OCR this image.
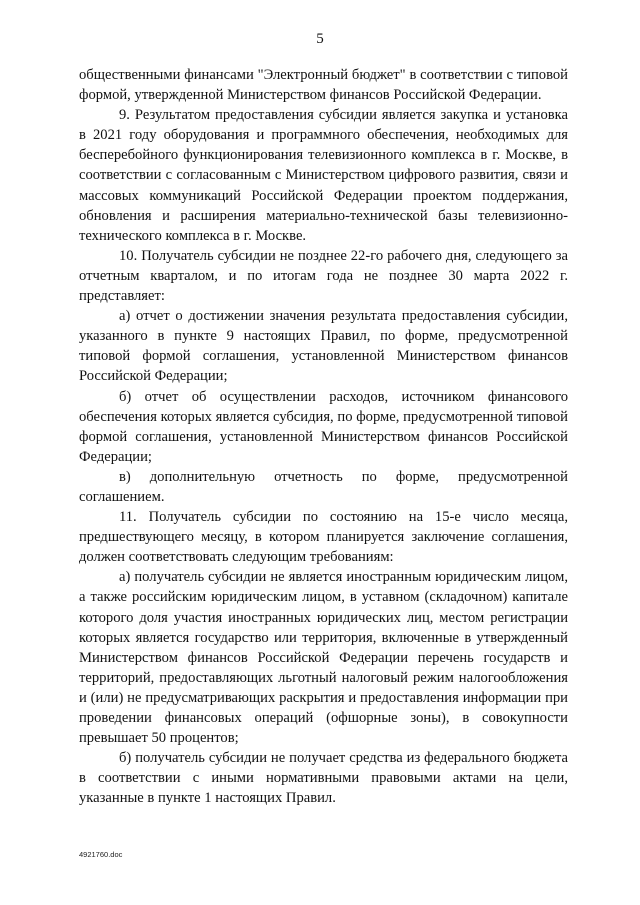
5

общественными финансами "Электронный бюджет" в соответствии с типовой формой, утвержденной Министерством финансов Российской Федерации.

9. Результатом предоставления субсидии является закупка и установка в 2021 году оборудования и программного обеспечения, необходимых для бесперебойного функционирования телевизионного комплекса в г. Москве, в соответствии с согласованным с Министерством цифрового развития, связи и массовых коммуникаций Российской Федерации проектом поддержания, обновления и расширения материально-технической базы телевизионно-технического комплекса в г. Москве.

10. Получатель субсидии не позднее 22-го рабочего дня, следующего за отчетным кварталом, и по итогам года не позднее 30 марта 2022 г. представляет:

а) отчет о достижении значения результата предоставления субсидии, указанного в пункте 9 настоящих Правил, по форме, предусмотренной типовой формой соглашения, установленной Министерством финансов Российской Федерации;

б) отчет об осуществлении расходов, источником финансового обеспечения которых является субсидия, по форме, предусмотренной типовой формой соглашения, установленной Министерством финансов Российской Федерации;

в) дополнительную отчетность по форме, предусмотренной соглашением.

11. Получатель субсидии по состоянию на 15-е число месяца, предшествующего месяцу, в котором планируется заключение соглашения, должен соответствовать следующим требованиям:

а) получатель субсидии не является иностранным юридическим лицом, а также российским юридическим лицом, в уставном (складочном) капитале которого доля участия иностранных юридических лиц, местом регистрации которых является государство или территория, включенные в утвержденный Министерством финансов Российской Федерации перечень государств и территорий, предоставляющих льготный налоговый режим налогообложения и (или) не предусматривающих раскрытия и предоставления информации при проведении финансовых операций (офшорные зоны), в совокупности превышает 50 процентов;

б) получатель субсидии не получает средства из федерального бюджета в соответствии с иными нормативными правовыми актами на цели, указанные в пункте 1 настоящих Правил.

4921760.doc
